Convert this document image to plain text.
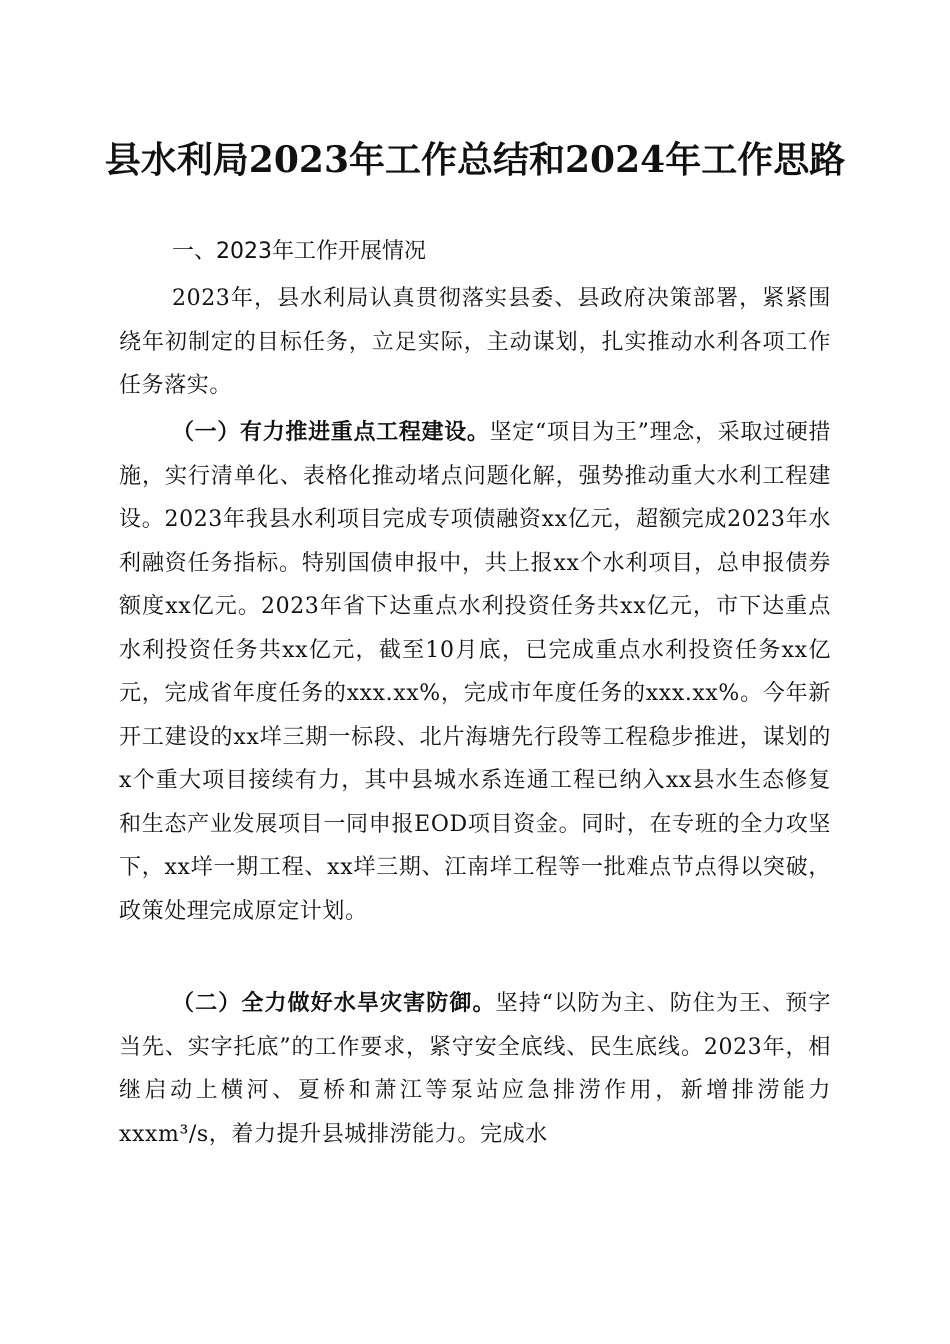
县水利局2023年工作总结和2024年工作思路

一、2023年工作开展情况

2023年，县水利局认真贯彻落实县委、县政府决策部署，紧紧围绕年初制定的目标任务，立足实际，主动谋划，扎实推动水利各项工作任务落实。

（一）有力推进重点工程建设。坚定“项目为王”理念，采取过硬措施，实行清单化、表格化推动堵点问题化解，强势推动重大水利工程建设。2023年我县水利项目完成专项债融资xx亿元，超额完成2023年水利融资任务指标。特别国债申报中，共上报xx个水利项目，总申报债券额度xx亿元。2023年省下达重点水利投资任务共xx亿元，市下达重点水利投资任务共xx亿元，截至10月底，已完成重点水利投资任务xx亿元，完成省年度任务的xxx.xx%，完成市年度任务的xxx.xx%。今年新开工建设的xx垟三期一标段、北片海塘先行段等工程稳步推进，谋划的x个重大项目接续有力，其中县城水系连通工程已纳入xx县水生态修复和生态产业发展项目一同申报EOD项目资金。同时，在专班的全力攻坚下，xx垟一期工程、xx垟三期、江南垟工程等一批难点节点得以突破，政策处理完成原定计划。

（二）全力做好水旱灾害防御。坚持“以防为主、防住为王、预字当先、实字托底”的工作要求，紧守安全底线、民生底线。2023年，相继启动上横河、夏桥和萧江等泵站应急排涝作用，新增排涝能力xxxm³/s，着力提升县城排涝能力。完成水
